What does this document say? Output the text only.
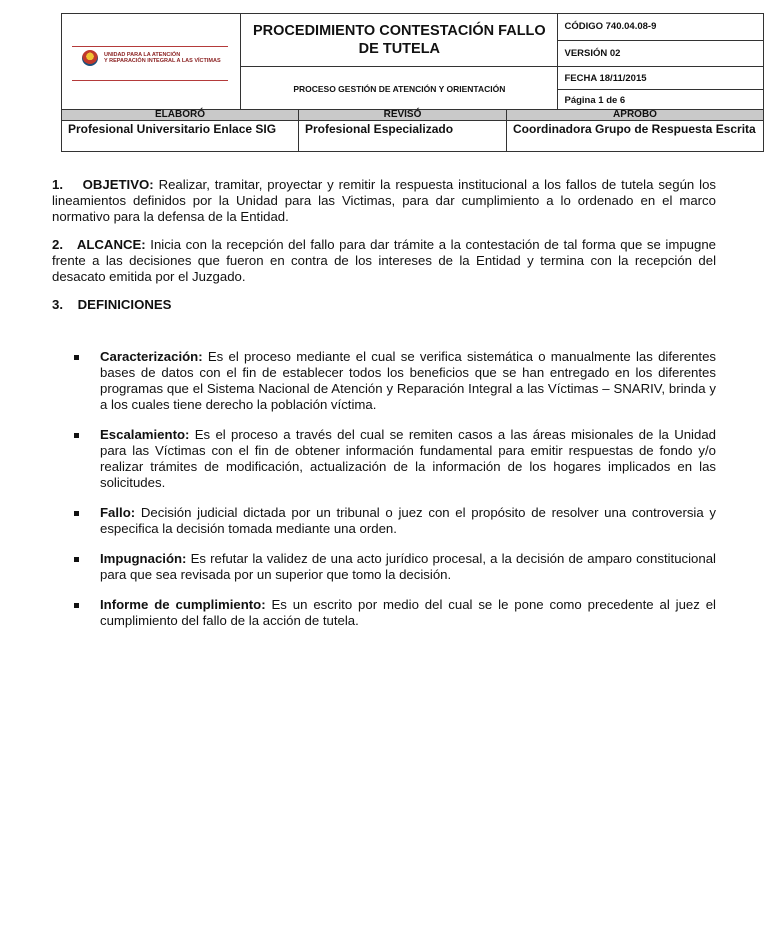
UNIDAD PARA LA ATENCIÓN
Y REPARACIÓN INTEGRAL A LAS VÍCTIMAS	PROCEDIMIENTO CONTESTACIÓN FALLO DE TUTELA	CÓDIGO 740.04.08-9
		VERSIÓN 02

	PROCESO GESTIÓN DE ATENCIÓN Y ORIENTACIÓN	FECHA 18/11/2015
		Página 1 de 6
ELABORÓ	REVISÓ	APROBO
Profesional Universitario Enlace SIG	Profesional Especializado	Coordinadora Grupo de Respuesta Escrita

1. OBJETIVO: Realizar, tramitar, proyectar y remitir la respuesta institucional a los fallos de tutela según los lineamientos definidos por la Unidad para las Victimas, para dar cumplimiento a lo ordenado en el marco normativo para la defensa de la Entidad.

2. ALCANCE: Inicia con la recepción del fallo para dar trámite a la contestación de tal forma que se impugne frente a las decisiones que fueron en contra de los intereses de la Entidad y termina con la recepción del desacato emitida por el Juzgado.

3. DEFINICIONES

Caracterización: Es el proceso mediante el cual se verifica sistemática o manualmente las diferentes bases de datos con el fin de establecer todos los beneficios que se han entregado en los diferentes programas que el Sistema Nacional de Atención y Reparación Integral a las Víctimas – SNARIV, brinda y a los cuales tiene derecho la población víctima.
Escalamiento: Es el proceso a través del cual se remiten casos a las áreas misionales de la Unidad para las Víctimas con el fin de obtener información fundamental para emitir respuestas de fondo y/o realizar trámites de modificación, actualización de la información de los hogares implicados en las solicitudes.
Fallo: Decisión judicial dictada por un tribunal o juez con el propósito de resolver una controversia y especifica la decisión tomada mediante una orden.
Impugnación: Es refutar la validez de una acto jurídico procesal, a la decisión de amparo constitucional para que sea revisada por un superior que tomo la decisión.
Informe de cumplimiento: Es un escrito por medio del cual se le pone como precedente al juez el cumplimiento del fallo de la acción de tutela.
